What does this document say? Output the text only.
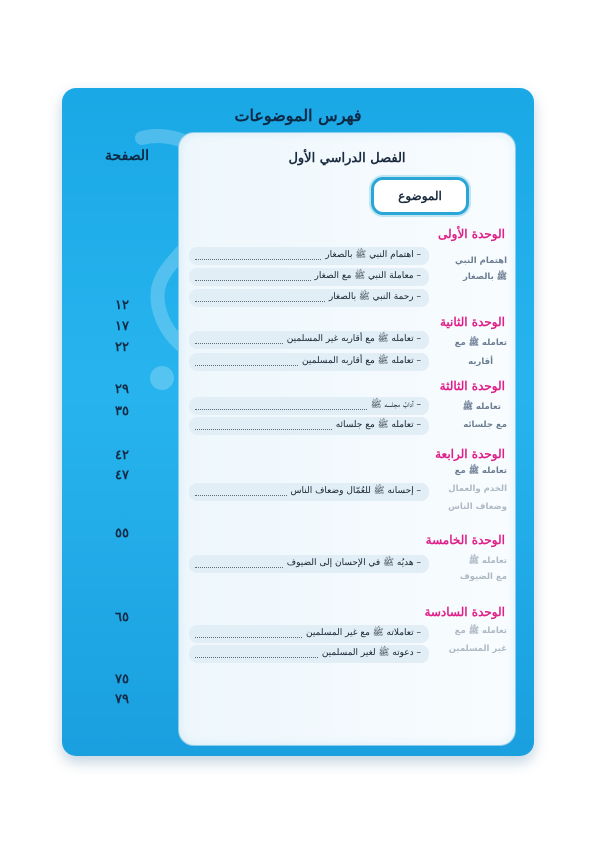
فهرس الموضوعات
الصفحة
١٢
١٧
٢٢
٢٩
٣٥
٤٢
٤٧
٥٥
٦٥
٧٥
٧٩
الفصل الدراسي الأول
الموضوع
الوحدة الأولى
اهتمام النبي
ﷺ بالصغار
– اهتمام النبي ﷺ بالصغار
– معاملة النبي ﷺ مع الصغار
– رحمة النبي ﷺ بالصغار
الوحدة الثانية
تعامله ﷺ مع
أقاربه
– تعامله ﷺ مع أقاربه غير المسلمين
– تعامله ﷺ مع أقاربه المسلمين
الوحدة الثالثة
تعامله ﷺ
مع جلسائه
– آدابُ مجلسه ﷺ
– تعامله ﷺ مع جلسائه
الوحدة الرابعة
تعامله ﷺ مع
الخدم والعمال
وضعاف الناس
– إحسانه ﷺ للعُمّال وضعاف الناس
الوحدة الخامسة
تعامله ﷺ
مع الضيوف
– هديُه ﷺ في الإحسان إلى الضيوف
الوحدة السادسة
تعامله ﷺ مع
غير المسلمين
– تعاملاته ﷺ مع غير المسلمين
– دعوته ﷺ لغير المسلمين
